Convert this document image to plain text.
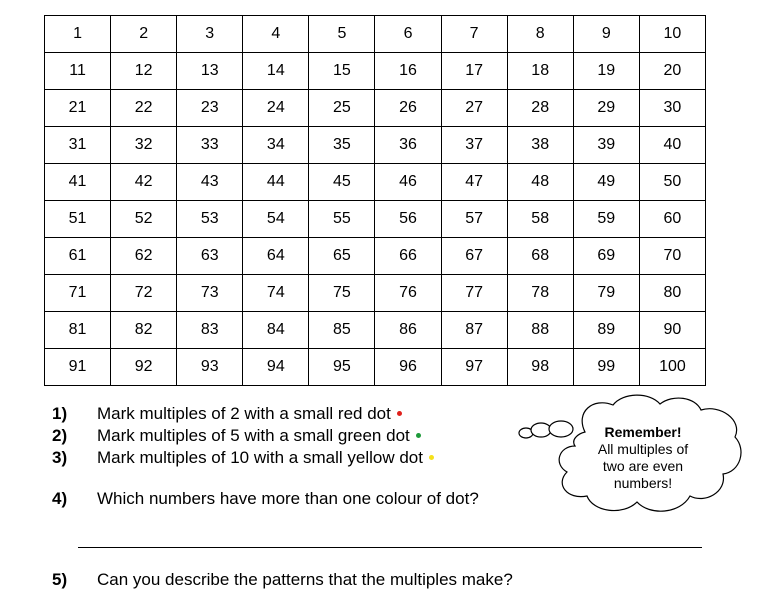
1	2	3	4	5	6	7	8	9	10
11	12	13	14	15	16	17	18	19	20
21	22	23	24	25	26	27	28	29	30
31	32	33	34	35	36	37	38	39	40
41	42	43	44	45	46	47	48	49	50
51	52	53	54	55	56	57	58	59	60
61	62	63	64	65	66	67	68	69	70
71	72	73	74	75	76	77	78	79	80
81	82	83	84	85	86	87	88	89	90
91	92	93	94	95	96	97	98	99	100
1) Mark multiples of 2 with a small red dot
2) Mark multiples of 5 with a small green dot
3) Mark multiples of 10 with a small yellow dot
4) Which numbers have more than one colour of dot?
5) Can you describe the patterns that the multiples make?
Remember!
All multiples of
two are even
numbers!
